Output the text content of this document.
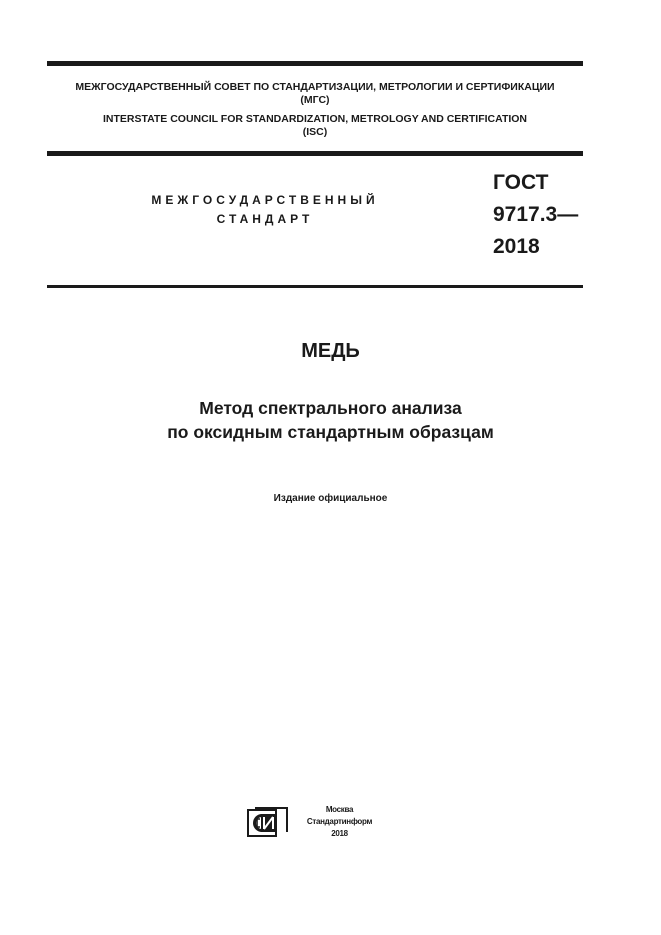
МЕЖГОСУДАРСТВЕННЫЙ СОВЕТ ПО СТАНДАРТИЗАЦИИ, МЕТРОЛОГИИ И СЕРТИФИКАЦИИ
(МГС)
INTERSTATE COUNCIL FOR STANDARDIZATION, METROLOGY AND CERTIFICATION
(ISC)
МЕЖГОСУДАРСТВЕННЫЙ
СТАНДАРТ
ГОСТ
9717.3—
2018
МЕДЬ
Метод спектрального анализа
по оксидным стандартным образцам
Издание официальное
Москва
Стандартинформ
2018
